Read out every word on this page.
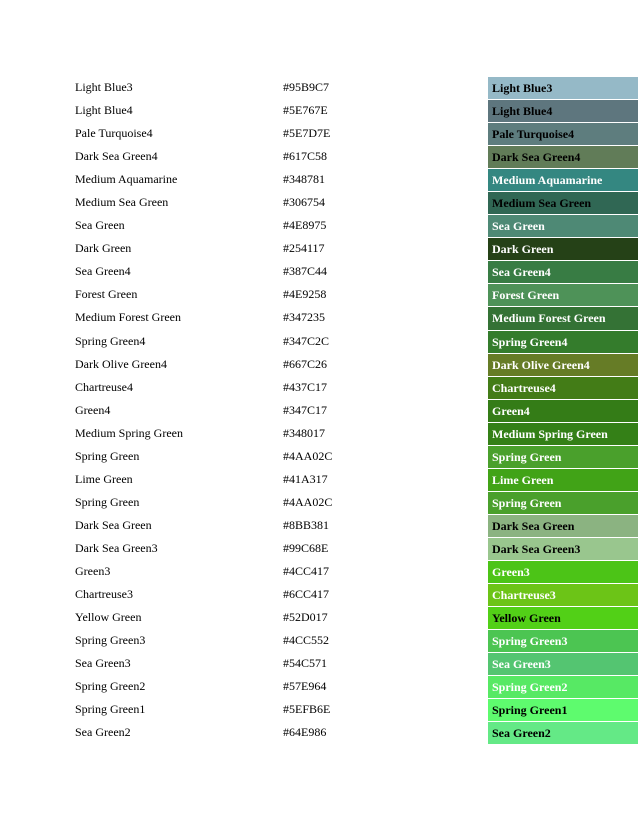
Light Blue3	#95B9C7	Light Blue3
Light Blue4	#5E767E	Light Blue4
Pale Turquoise4	#5E7D7E	Pale Turquoise4
Dark Sea Green4	#617C58	Dark Sea Green4
Medium Aquamarine	#348781	Medium Aquamarine
Medium Sea Green	#306754	Medium Sea Green
Sea Green	#4E8975	Sea Green
Dark Green	#254117	Dark Green
Sea Green4	#387C44	Sea Green4
Forest Green	#4E9258	Forest Green
Medium Forest Green	#347235	Medium Forest Green
Spring Green4	#347C2C	Spring Green4
Dark Olive Green4	#667C26	Dark Olive Green4
Chartreuse4	#437C17	Chartreuse4
Green4	#347C17	Green4
Medium Spring Green	#348017	Medium Spring Green
Spring Green	#4AA02C	Spring Green
Lime Green	#41A317	Lime Green
Spring Green	#4AA02C	Spring Green
Dark Sea Green	#8BB381	Dark Sea Green
Dark Sea Green3	#99C68E	Dark Sea Green3
Green3	#4CC417	Green3
Chartreuse3	#6CC417	Chartreuse3
Yellow Green	#52D017	Yellow Green
Spring Green3	#4CC552	Spring Green3
Sea Green3	#54C571	Sea Green3
Spring Green2	#57E964	Spring Green2
Spring Green1	#5EFB6E	Spring Green1
Sea Green2	#64E986	Sea Green2
